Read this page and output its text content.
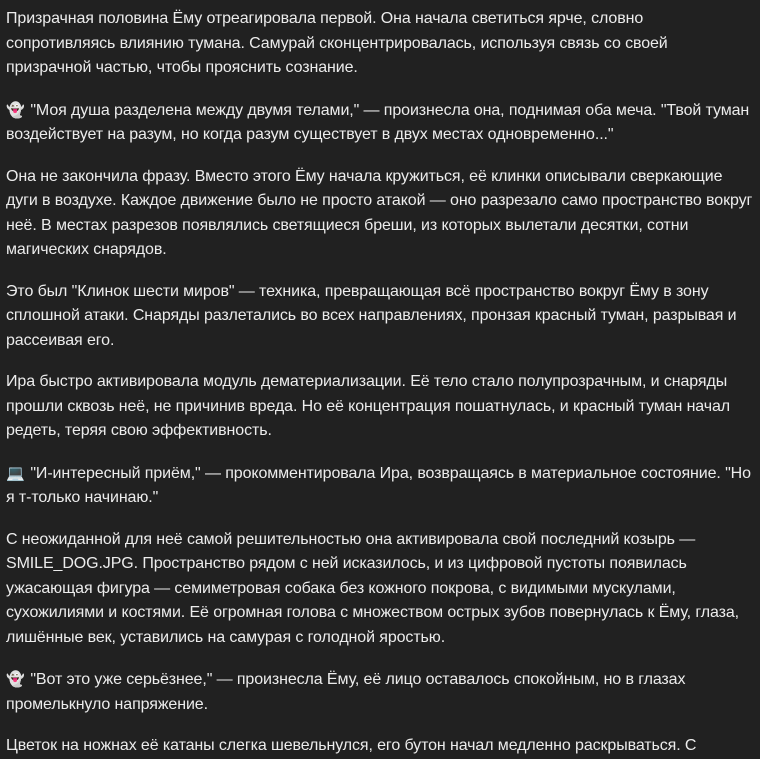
Призрачная половина Ёму отреагировала первой. Она начала светиться ярче, словно сопротивляясь влиянию тумана. Самурай сконцентрировалась, используя связь со своей призрачной частью, чтобы прояснить сознание.

👻 "Моя душа разделена между двумя телами," — произнесла она, поднимая оба меча. "Твой туман воздействует на разум, но когда разум существует в двух местах одновременно..."

Она не закончила фразу. Вместо этого Ёму начала кружиться, её клинки описывали сверкающие дуги в воздухе. Каждое движение было не просто атакой — оно разрезало само пространство вокруг неё. В местах разрезов появлялись светящиеся бреши, из которых вылетали десятки, сотни магических снарядов.

Это был "Клинок шести миров" — техника, превращающая всё пространство вокруг Ёму в зону сплошной атаки. Снаряды разлетались во всех направлениях, пронзая красный туман, разрывая и рассеивая его.

Ира быстро активировала модуль дематериализации. Её тело стало полупрозрачным, и снаряды прошли сквозь неё, не причинив вреда. Но её концентрация пошатнулась, и красный туман начал редеть, теряя свою эффективность.

💻 "И-интересный приём," — прокомментировала Ира, возвращаясь в материальное состояние. "Но я т-только начинаю."

С неожиданной для неё самой решительностью она активировала свой последний козырь — SMILE_DOG.JPG. Пространство рядом с ней исказилось, и из цифровой пустоты появилась ужасающая фигура — семиметровая собака без кожного покрова, с видимыми мускулами, сухожилиями и костями. Её огромная голова с множеством острых зубов повернулась к Ёму, глаза, лишённые век, уставились на самурая с голодной яростью.

👻 "Вот это уже серьёзнее," — произнесла Ёму, её лицо оставалось спокойным, но в глазах промелькнуло напряжение.

Цветок на ножнах её катаны слегка шевельнулся, его бутон начал медленно раскрываться. С
